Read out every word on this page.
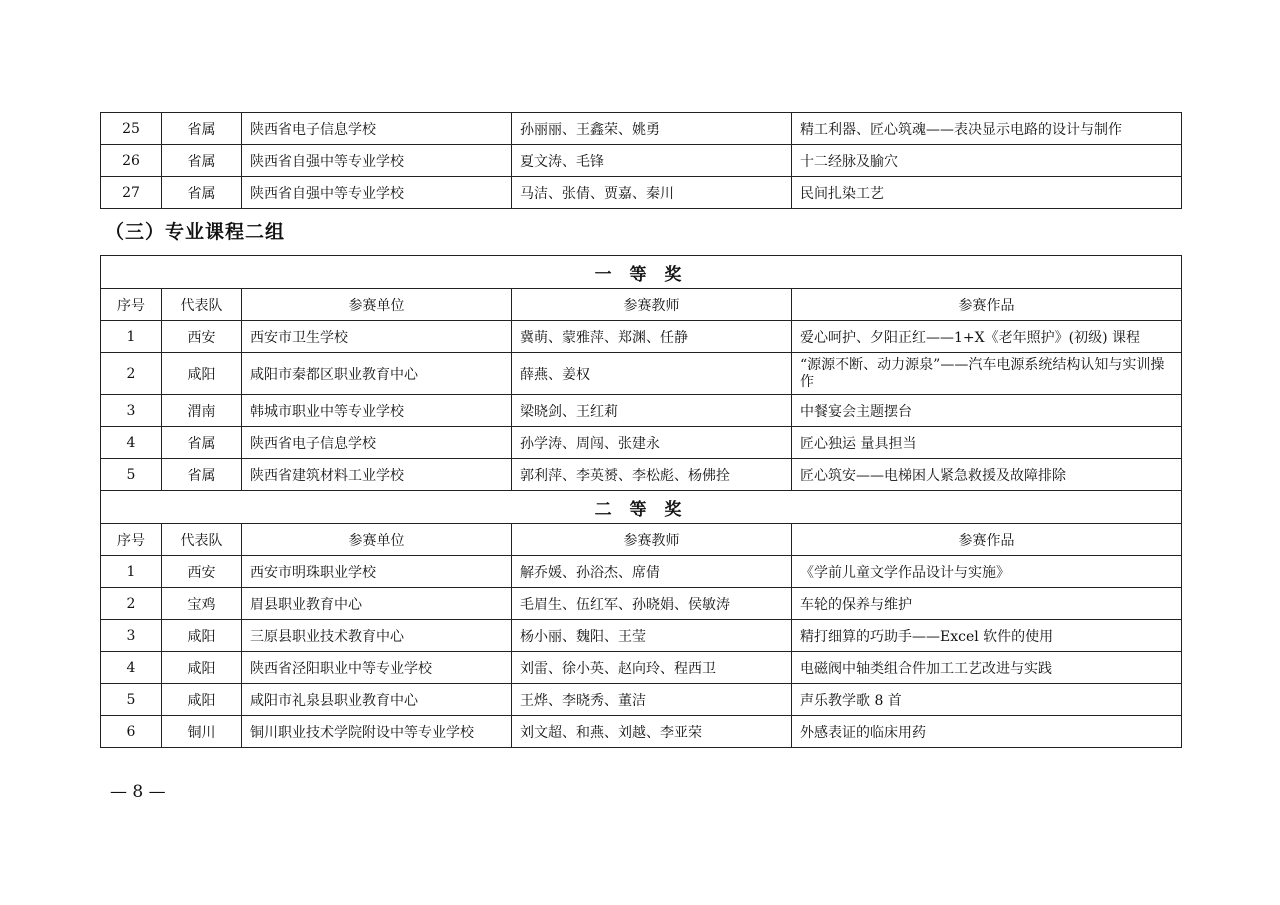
25	省属	陕西省电子信息学校	孙丽丽、王鑫荣、姚勇	精工利器、匠心筑魂——表决显示电路的设计与制作
26	省属	陕西省自强中等专业学校	夏文涛、毛锋	十二经脉及腧穴
27	省属	陕西省自强中等专业学校	马洁、张倩、贾嘉、秦川	民间扎染工艺
（三）专业课程二组
一 等 奖				
序号	代表队	参赛单位	参赛教师	参赛作品
1	西安	西安市卫生学校	冀萌、蒙雅萍、郑渊、任静	爱心呵护、夕阳正红——1+X《老年照护》(初级) 课程
2	咸阳	咸阳市秦都区职业教育中心	薛燕、姜权	“源源不断、动力源泉”——汽车电源系统结构认知与实训操作
3	渭南	韩城市职业中等专业学校	梁晓剑、王红莉	中餐宴会主题摆台
4	省属	陕西省电子信息学校	孙学涛、周闯、张建永	匠心独运 量具担当
5	省属	陕西省建筑材料工业学校	郭利萍、李英赟、李松彪、杨佛拴	匠心筑安——电梯困人紧急救援及故障排除
二 等 奖				
序号	代表队	参赛单位	参赛教师	参赛作品
1	西安	西安市明珠职业学校	解乔媛、孙浴杰、席倩	《学前儿童文学作品设计与实施》
2	宝鸡	眉县职业教育中心	毛眉生、伍红军、孙晓娟、侯敏涛	车轮的保养与维护
3	咸阳	三原县职业技术教育中心	杨小丽、魏阳、王莹	精打细算的巧助手——Excel 软件的使用
4	咸阳	陕西省泾阳职业中等专业学校	刘雷、徐小英、赵向玲、程西卫	电磁阀中轴类组合件加工工艺改进与实践
5	咸阳	咸阳市礼泉县职业教育中心	王烨、李晓秀、董洁	声乐教学歌 8 首
6	铜川	铜川职业技术学院附设中等专业学校	刘文超、和燕、刘越、李亚荣	外感表证的临床用药
— 8 —
